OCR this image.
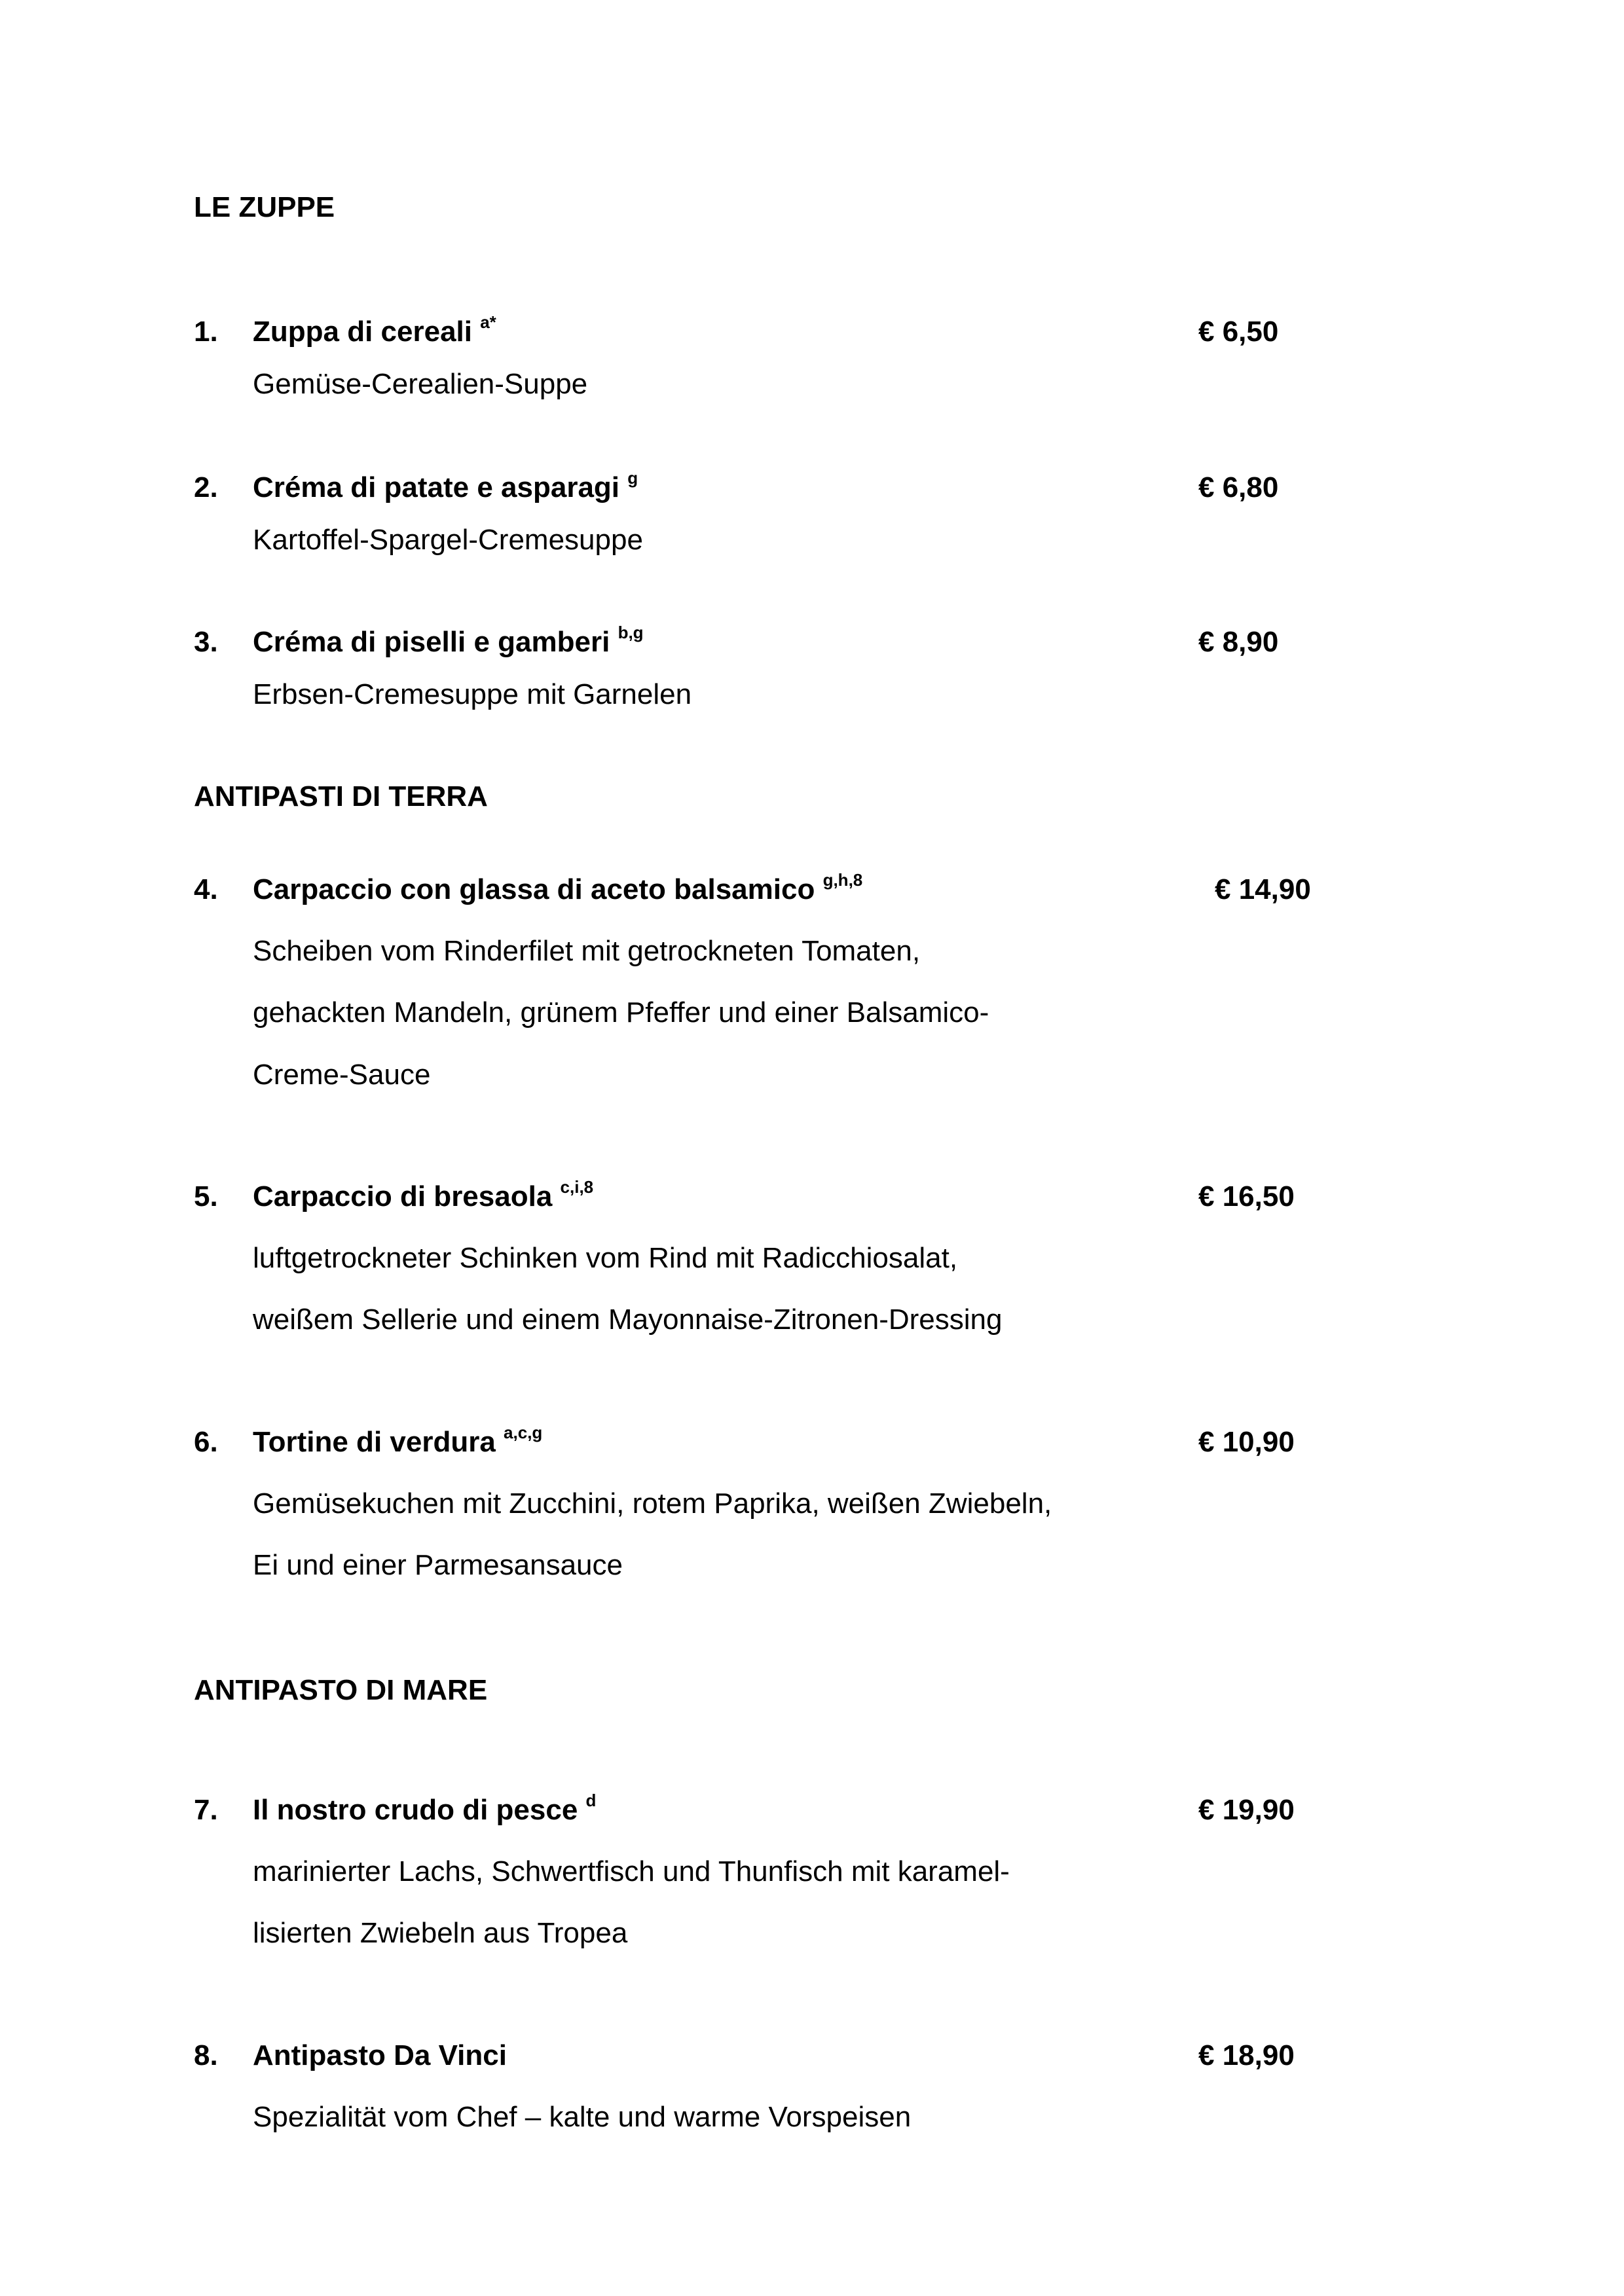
LE ZUPPE
ANTIPASTI DI TERRA
ANTIPASTO DI MARE
1. Zuppa di cereali $^{a*}$	€ 6,50
Gemüse-Cerealien-Suppe
2. Créma di patate e asparagi $^g$	€ 6,80
Kartoffel-Spargel-Cremesuppe
3. Créma di piselli e gamberi $^{b,g}$	€ 8,90
Erbsen-Cremesuppe mit Garnelen
4. Carpaccio con glassa di aceto balsamico $^{g,h,8}$	€ 14,90
Scheiben vom Rinderfilet mit getrockneten Tomaten,
gehackten Mandeln, grünem Pfeffer und einer Balsamico-
Creme-Sauce
5. Carpaccio di bresaola $^{c,i,8}$	€ 16,50
luftgetrockneter Schinken vom Rind mit Radicchiosalat,
weißem Sellerie und einem Mayonnaise-Zitronen-Dressing
6. Tortine di verdura $^{a,c,g}$	€ 10,90
Gemüsekuchen mit Zucchini, rotem Paprika, weißen Zwiebeln,
Ei und einer Parmesansauce
7. Il nostro crudo di pesce $^d$	€ 19,90
marinierter Lachs, Schwertfisch und Thunfisch mit karamel-
lisierten Zwiebeln aus Tropea
8. Antipasto Da Vinci	€ 18,90
Spezialität vom Chef – kalte und warme Vorspeisen
